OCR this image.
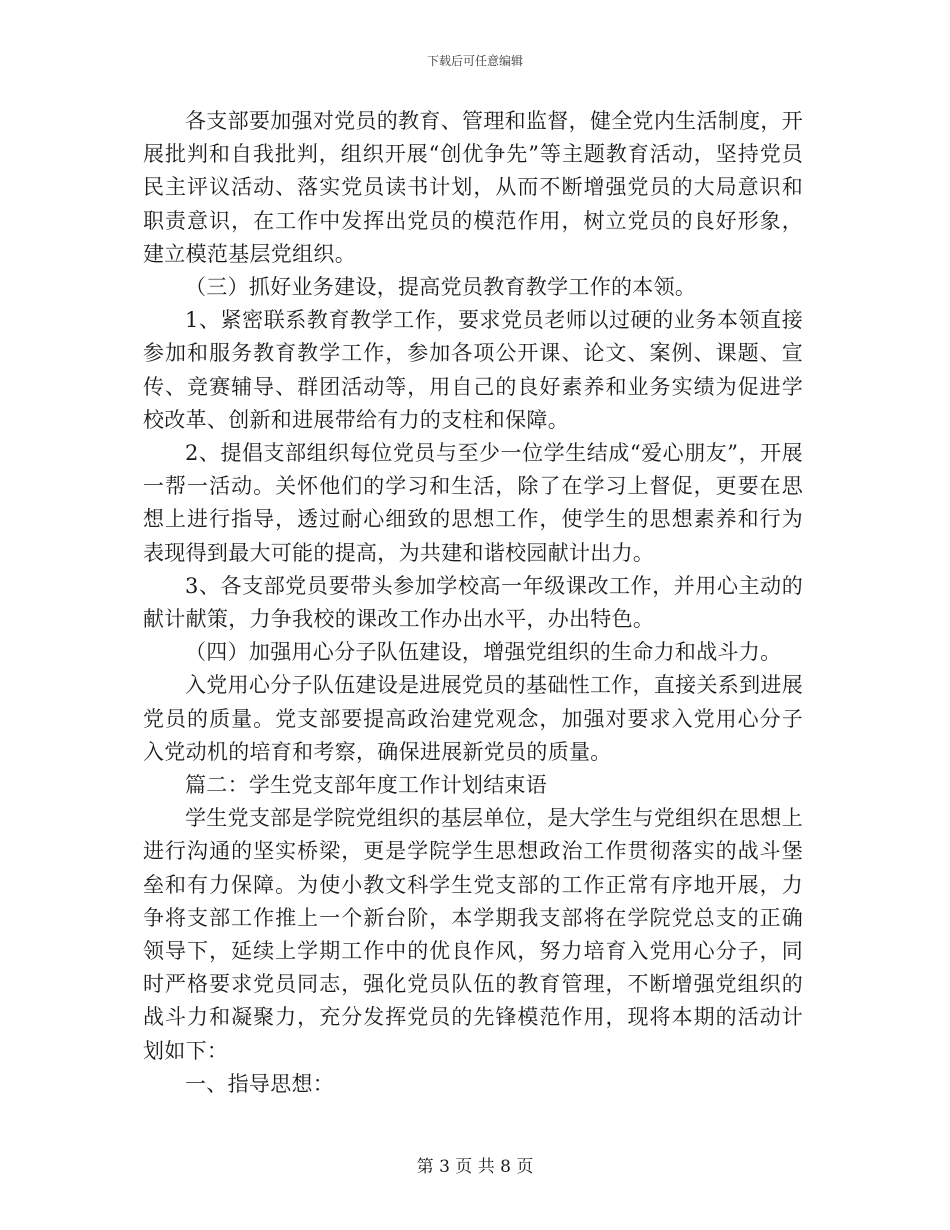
下载后可任意编辑

各支部要加强对党员的教育、管理和监督，健全党内生活制度，开展批判和自我批判，组织开展“创优争先”等主题教育活动，坚持党员民主评议活动、落实党员读书计划，从而不断增强党员的大局意识和职责意识，在工作中发挥出党员的模范作用，树立党员的良好形象，建立模范基层党组织。

（三）抓好业务建设，提高党员教育教学工作的本领。

1、紧密联系教育教学工作，要求党员老师以过硬的业务本领直接参加和服务教育教学工作，参加各项公开课、论文、案例、课题、宣传、竞赛辅导、群团活动等，用自己的良好素养和业务实绩为促进学校改革、创新和进展带给有力的支柱和保障。

2、提倡支部组织每位党员与至少一位学生结成“爱心朋友”，开展一帮一活动。关怀他们的学习和生活，除了在学习上督促，更要在思想上进行指导，透过耐心细致的思想工作，使学生的思想素养和行为表现得到最大可能的提高，为共建和谐校园献计出力。

3、各支部党员要带头参加学校高一年级课改工作，并用心主动的献计献策，力争我校的课改工作办出水平，办出特色。

（四）加强用心分子队伍建设，增强党组织的生命力和战斗力。

入党用心分子队伍建设是进展党员的基础性工作，直接关系到进展党员的质量。党支部要提高政治建党观念，加强对要求入党用心分子入党动机的培育和考察，确保进展新党员的质量。

篇二：学生党支部年度工作计划结束语

学生党支部是学院党组织的基层单位，是大学生与党组织在思想上进行沟通的坚实桥梁，更是学院学生思想政治工作贯彻落实的战斗堡垒和有力保障。为使小教文科学生党支部的工作正常有序地开展，力争将支部工作推上一个新台阶，本学期我支部将在学院党总支的正确领导下，延续上学期工作中的优良作风，努力培育入党用心分子，同时严格要求党员同志，强化党员队伍的教育管理，不断增强党组织的战斗力和凝聚力，充分发挥党员的先锋模范作用，现将本期的活动计划如下：

一、指导思想：

第 3 页 共 8 页
